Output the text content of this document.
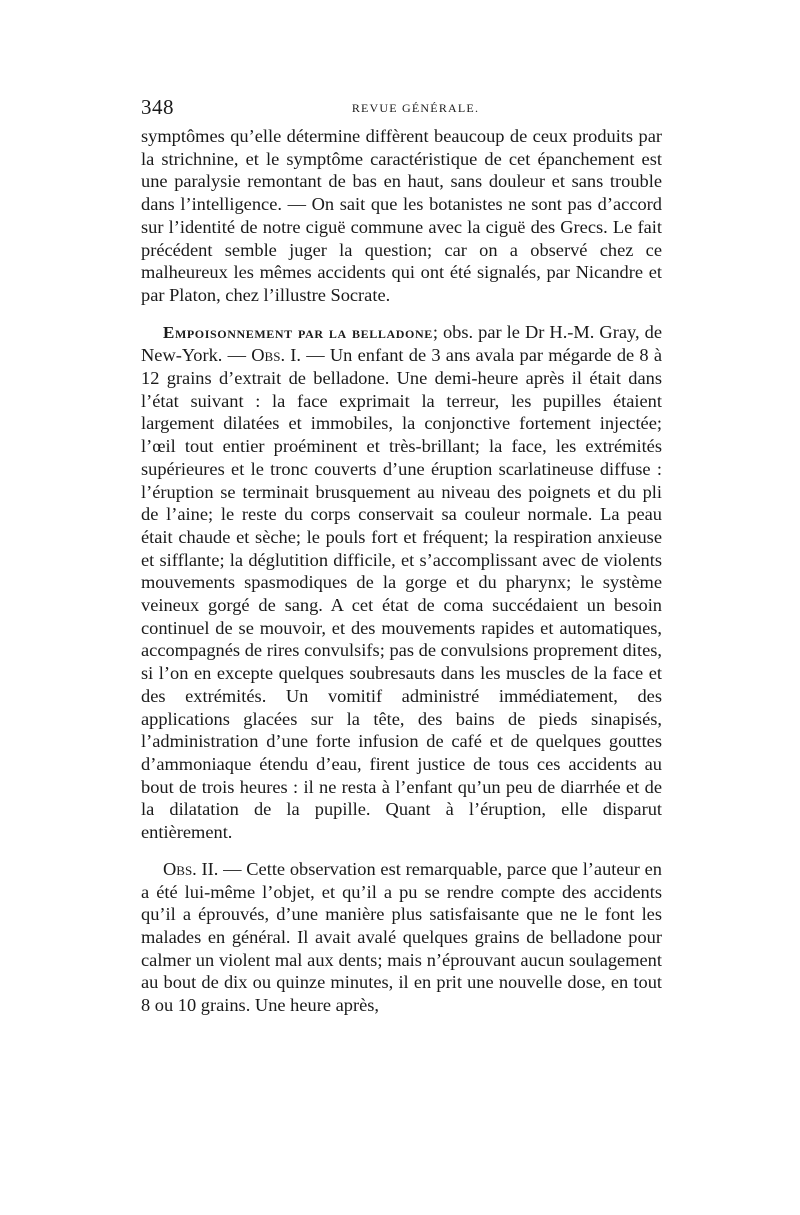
348	REVUE GÉNÉRALE.

symptômes qu’elle détermine diffèrent beaucoup de ceux produits par la strichnine, et le symptôme caractéristique de cet épanchement est une paralysie remontant de bas en haut, sans douleur et sans trouble dans l’intelligence. — On sait que les botanistes ne sont pas d’accord sur l’identité de notre ciguë commune avec la ciguë des Grecs. Le fait précédent semble juger la question; car on a observé chez ce malheureux les mêmes accidents qui ont été signalés, par Nicandre et par Platon, chez l’illustre Socrate.

Empoisonnement par la belladone; obs. par le Dr H.-M. Gray, de New-York. — Obs. I. — Un enfant de 3 ans avala par mégarde de 8 à 12 grains d’extrait de belladone. Une demi-heure après il était dans l’état suivant : la face exprimait la terreur, les pupilles étaient largement dilatées et immobiles, la conjonctive fortement injectée; l’œil tout entier proéminent et très-brillant; la face, les extrémités supérieures et le tronc couverts d’une éruption scarlatineuse diffuse : l’éruption se terminait brusquement au niveau des poignets et du pli de l’aine; le reste du corps conservait sa couleur normale. La peau était chaude et sèche; le pouls fort et fréquent; la respiration anxieuse et sifflante; la déglutition difficile, et s’accomplissant avec de violents mouvements spasmodiques de la gorge et du pharynx; le système veineux gorgé de sang. A cet état de coma succédaient un besoin continuel de se mouvoir, et des mouvements rapides et automatiques, accompagnés de rires convulsifs; pas de convulsions proprement dites, si l’on en excepte quelques soubresauts dans les muscles de la face et des extrémités. Un vomitif administré immédiatement, des applications glacées sur la tête, des bains de pieds sinapisés, l’administration d’une forte infusion de café et de quelques gouttes d’ammoniaque étendu d’eau, firent justice de tous ces accidents au bout de trois heures : il ne resta à l’enfant qu’un peu de diarrhée et de la dilatation de la pupille. Quant à l’éruption, elle disparut entièrement.

Obs. II. — Cette observation est remarquable, parce que l’auteur en a été lui-même l’objet, et qu’il a pu se rendre compte des accidents qu’il a éprouvés, d’une manière plus satisfaisante que ne le font les malades en général. Il avait avalé quelques grains de belladone pour calmer un violent mal aux dents; mais n’éprouvant aucun soulagement au bout de dix ou quinze minutes, il en prit une nouvelle dose, en tout 8 ou 10 grains. Une heure après,
